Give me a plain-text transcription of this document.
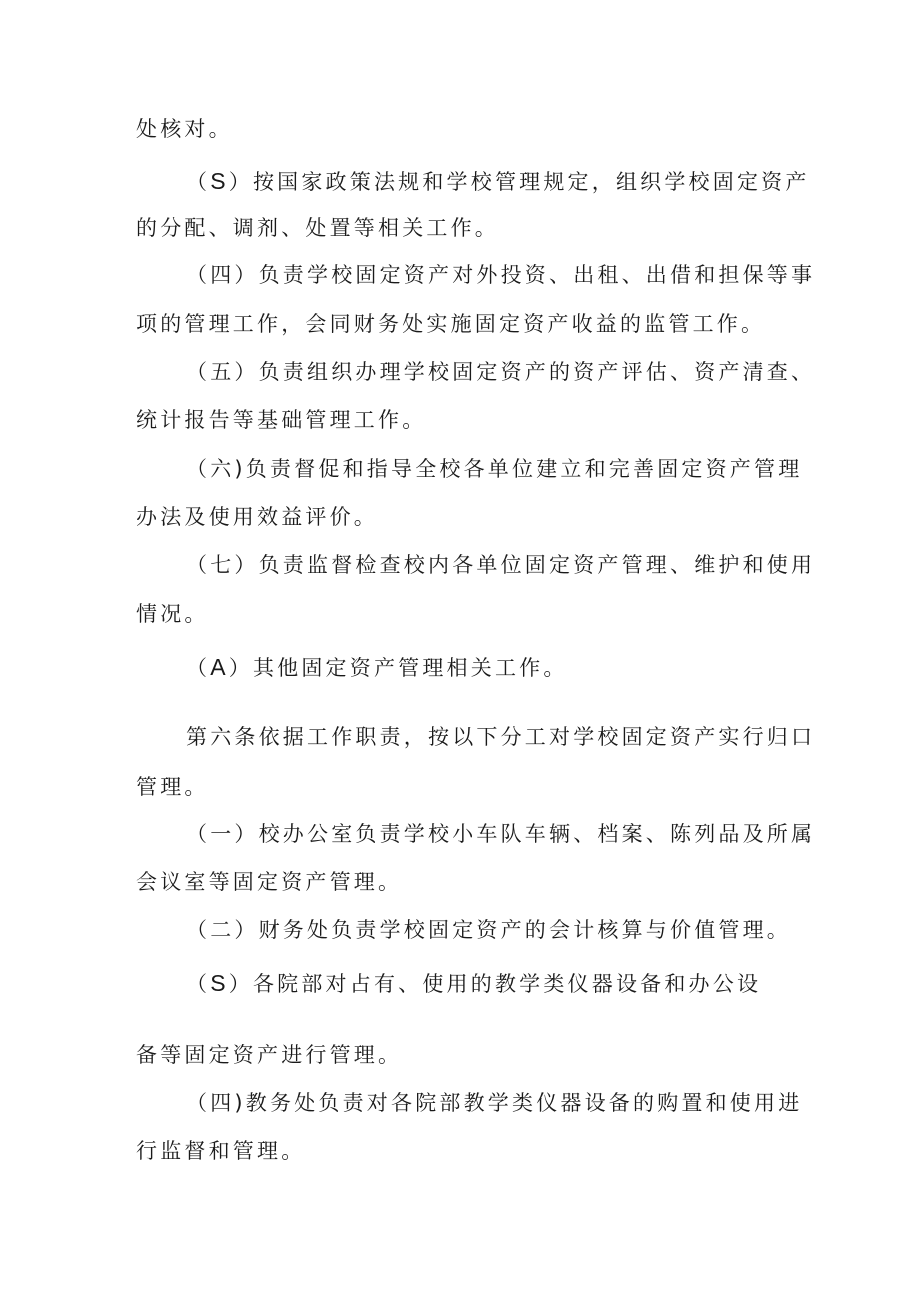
处核对。
（S）按国家政策法规和学校管理规定，组织学校固定资产
的分配、调剂、处置等相关工作。
（四）负责学校固定资产对外投资、出租、出借和担保等事
项的管理工作，会同财务处实施固定资产收益的监管工作。
（五）负责组织办理学校固定资产的资产评估、资产清查、
统计报告等基础管理工作。
（六)负责督促和指导全校各单位建立和完善固定资产管理
办法及使用效益评价。
（七）负责监督检查校内各单位固定资产管理、维护和使用
情况。
（A）其他固定资产管理相关工作。
第六条依据工作职责，按以下分工对学校固定资产实行归口
管理。
（一）校办公室负责学校小车队车辆、档案、陈列品及所属
会议室等固定资产管理。
（二）财务处负责学校固定资产的会计核算与价值管理。
（S）各院部对占有、使用的教学类仪器设备和办公设
备等固定资产进行管理。
（四)教务处负责对各院部教学类仪器设备的购置和使用进
行监督和管理。
